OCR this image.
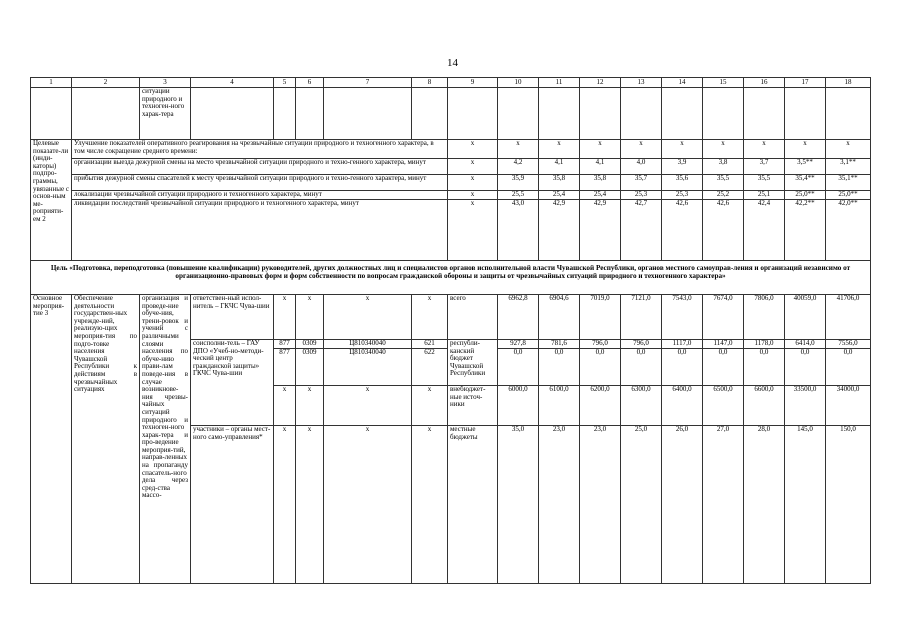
14
1	2	3	4	5	6	7	8	9	10	11	12	13	14	15	16	17	18
		ситуации природного и техноген-ного харак-тера															
Целевые показате-ли (инди-каторы) подпро-граммы, увязанные с основ-ным ме-роприяти-ем 2	Улучшение показателей оперативного реагирования на чрезвычайные ситуации природного и техногенного характера, в том числе сокращение среднего времени:							x	x	x	x	x	x	x	x	x	x
	организации выезда дежурной смены на место чрезвычайной ситуации природного и техно-генного характера, минут							x	4,2	4,1	4,1	4,0	3,9	3,8	3,7	3,5**	3,1**
	прибытия дежурной смены спасателей к месту чрезвычайной ситуации природного и техно-генного характера, минут							x	35,9	35,8	35,8	35,7	35,6	35,5	35,5	35,4**	35,1**
	локализации чрезвычайной ситуации природного и техногенного характера, минут							x	25,5	25,4	25,4	25,3	25,3	25,2	25,1	25,0**	25,0**
	ликвидации последствий чрезвычайной ситуации природного и техногенного характера, минут							x	43,0	42,9	42,9	42,7	42,6	42,6	42,4	42,2**	42,0**
Цель «Подготовка, переподготовка (повышение квалификации) руководителей, других должностных лиц и специалистов органов исполнительной власти Чувашской Республики, органов местного самоуправ-ления и организаций независимо от организационно-правовых форм и форм собственности по вопросам гражданской обороны и защиты от чрезвычайных ситуаций природного и техногенного характера»																	
Основное мероприя-тие 3	Обеспечение деятельности государствен-ных учрежде-ний, реализую-щих мероприя-тия по подго-товке населения Чувашской Республики к действиям в чрезвычайных ситуациях	организация и проведе-ние обуче-ния, трени-ровок и учений с различными слоями населения по обуче-нию прави-лам поведе-ния в случае возникнове-ния чрезвы-чайных ситуаций природного и техноген-ного харак-тера и про-ведение мероприя-тий, направ-ленных на пропаганду спасатель-ного дела через сред-ства массо-	ответствен-ный испол-нитель – ГКЧС Чува-шии	x	x	x	x	всего	6962,8	6904,6	7019,0	7121,0	7543,0	7674,0	7806,0	40059,0	41706,0
			соисполни-тель – ГАУ ДПО «Учеб-но-методи-ческий центр гражданской защиты» ГКЧС Чува-шии	877	0309	Ц810340040	621	республи-канский бюджет Чувашской Республики	927,8	781,6	796,0	796,0	1117,0	1147,0	1178,0	6414,0	7556,0
				877	0309	Ц810340040	622		0,0	0,0	0,0	0,0	0,0	0,0	0,0	0,0	0,0
				x	x	x	x	внебюджет-ные источ-ники	6000,0	6100,0	6200,0	6300,0	6400,0	6500,0	6600,0	33500,0	34000,0
			участники – органы мест-ного само-управления*	x	x	x	x	местные бюджеты	35,0	23,0	23,0	25,0	26,0	27,0	28,0	145,0	150,0
